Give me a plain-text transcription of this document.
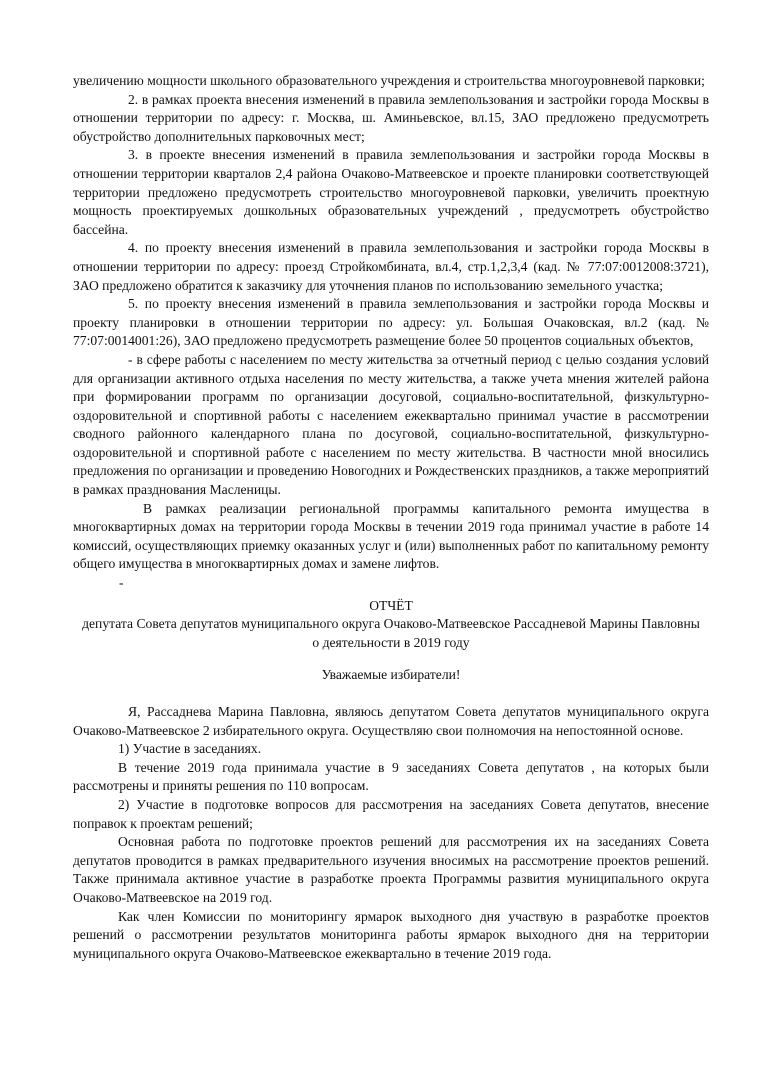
увеличению мощности школьного образовательного учреждения и строительства многоуровневой парковки;

2. в рамках проекта внесения изменений в правила землепользования и застройки города Москвы в отношении территории по адресу: г. Москва, ш. Аминьевское, вл.15, ЗАО предложено предусмотреть обустройство дополнительных парковочных мест;

3. в проекте внесения изменений в правила землепользования и застройки города Москвы в отношении территории кварталов 2,4 района Очаково-Матвеевское и проекте планировки соответствующей территории предложено предусмотреть строительство многоуровневой парковки, увеличить проектную мощность проектируемых дошкольных образовательных учреждений , предусмотреть обустройство бассейна.

4. по проекту внесения изменений в правила землепользования и застройки города Москвы в отношении территории по адресу: проезд Стройкомбината, вл.4, стр.1,2,3,4 (кад. № 77:07:0012008:3721), ЗАО предложено обратится к заказчику для уточнения планов по использованию земельного участка;

5. по проекту внесения изменений в правила землепользования и застройки города Москвы и проекту планировки в отношении территории по адресу: ул. Большая Очаковская, вл.2 (кад. № 77:07:0014001:26), ЗАО предложено предусмотреть размещение более 50 процентов социальных объектов,

- в сфере работы с населением по месту жительства за отчетный период с целью создания условий для организации активного отдыха населения по месту жительства, а также учета мнения жителей района при формировании программ по организации досуговой, социально-воспитательной, физкультурно-оздоровительной и спортивной работы с населением ежеквартально принимал участие в рассмотрении сводного районного календарного плана по досуговой, социально-воспитательной, физкультурно-оздоровительной и спортивной работе с населением по месту жительства. В частности мной вносились предложения по организации и проведению Новогодних и Рождественских праздников, а также мероприятий в рамках празднования Масленицы.

В рамках реализации региональной программы капитального ремонта имущества в многоквартирных домах на территории города Москвы в течении 2019 года принимал участие в работе 14 комиссий, осуществляющих приемку оказанных услуг и (или) выполненных работ по капитальному ремонту общего имущества в многоквартирных домах и замене лифтов.

-

ОТЧЁТ

депутата Совета депутатов муниципального округа Очаково-Матвеевское Рассадневой Марины Павловны

о деятельности в 2019 году

Уважаемые избиратели!

Я, Рассаднева Марина Павловна, являюсь депутатом Совета депутатов муниципального округа Очаково-Матвеевское 2 избирательного округа. Осуществляю свои полномочия на непостоянной основе.

1) Участие в заседаниях.

В течение 2019 года принимала участие в 9 заседаниях Совета депутатов , на которых были рассмотрены и приняты решения по 110 вопросам.

2) Участие в подготовке вопросов для рассмотрения на заседаниях Совета депутатов, внесение поправок к проектам решений;

Основная работа по подготовке проектов решений для рассмотрения их на заседаниях Совета депутатов проводится в рамках предварительного изучения вносимых на рассмотрение проектов решений. Также принимала активное участие в разработке проекта Программы развития муниципального округа Очаково-Матвеевское на 2019 год.

Как член Комиссии по мониторингу ярмарок выходного дня участвую в разработке проектов решений о рассмотрении результатов мониторинга работы ярмарок выходного дня на территории муниципального округа Очаково-Матвеевское ежеквартально в течение 2019 года.
